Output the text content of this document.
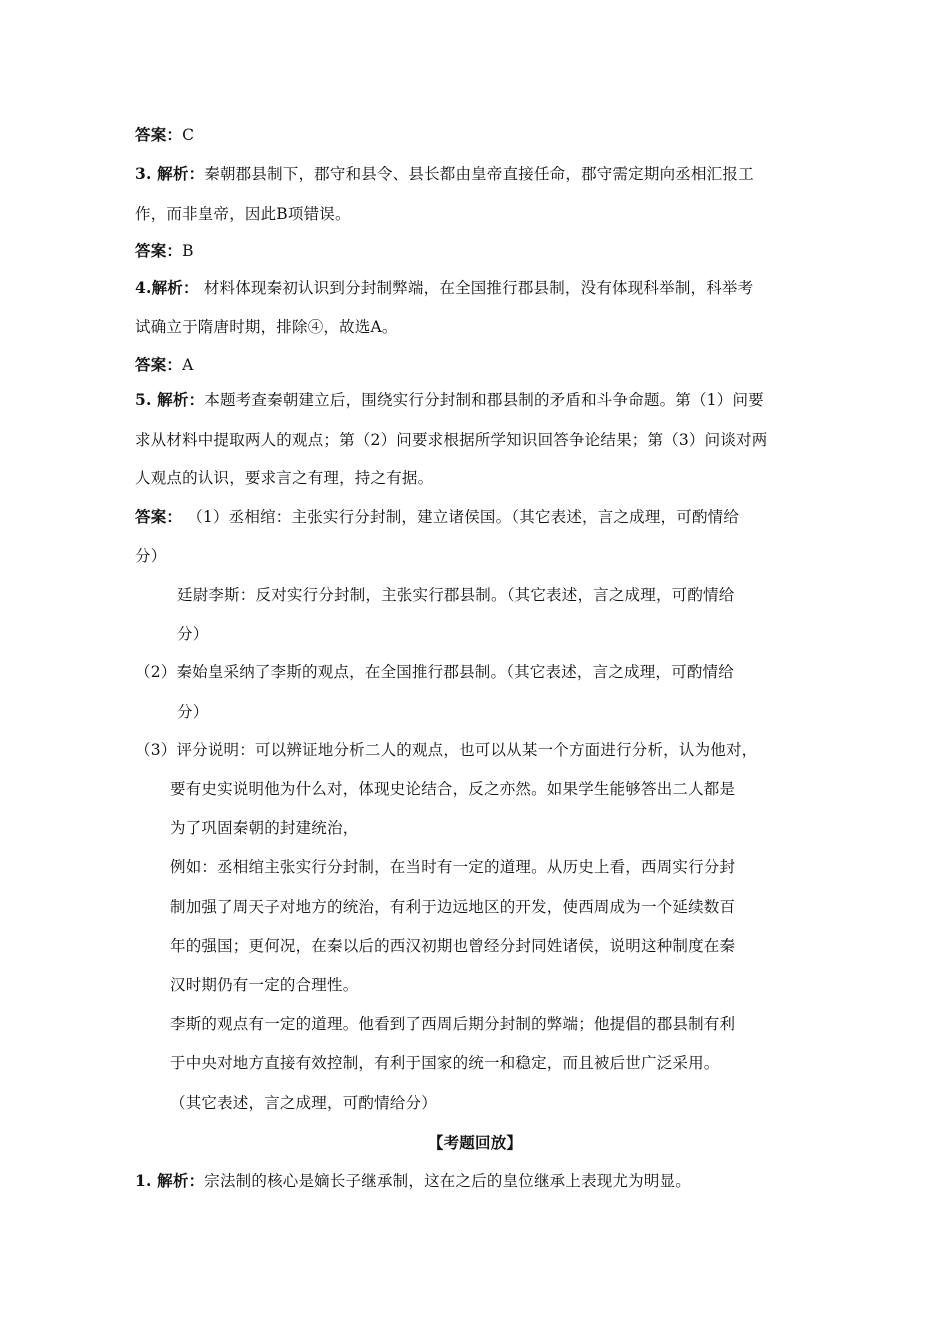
答案：C
3. 解析：秦朝郡县制下，郡守和县令、县长都由皇帝直接任命，郡守需定期向丞相汇报工
作，而非皇帝，因此B项错误。
答案：B
4.解析： 材料体现秦初认识到分封制弊端，在全国推行郡县制，没有体现科举制，科举考
试确立于隋唐时期，排除④，故选A。
答案：A
5. 解析：本题考查秦朝建立后，围绕实行分封制和郡县制的矛盾和斗争命题。第（1）问要
求从材料中提取两人的观点；第（2）问要求根据所学知识回答争论结果；第（3）问谈对两
人观点的认识，要求言之有理，持之有据。
答案： （1）丞相绾：主张实行分封制，建立诸侯国。（其它表述，言之成理，可酌情给
分）
廷尉李斯：反对实行分封制，主张实行郡县制。（其它表述，言之成理，可酌情给
分）
（2）秦始皇采纳了李斯的观点，在全国推行郡县制。（其它表述，言之成理，可酌情给
分）
（3）评分说明：可以辨证地分析二人的观点，也可以从某一个方面进行分析，认为他对，
要有史实说明他为什么对，体现史论结合，反之亦然。如果学生能够答出二人都是
为了巩固秦朝的封建统治，
例如：丞相绾主张实行分封制，在当时有一定的道理。从历史上看，西周实行分封
制加强了周天子对地方的统治，有利于边远地区的开发，使西周成为一个延续数百
年的强国；更何况，在秦以后的西汉初期也曾经分封同姓诸侯，说明这种制度在秦
汉时期仍有一定的合理性。
李斯的观点有一定的道理。他看到了西周后期分封制的弊端；他提倡的郡县制有利
于中央对地方直接有效控制，有利于国家的统一和稳定，而且被后世广泛采用。
（其它表述，言之成理，可酌情给分）
【考题回放】
1. 解析：宗法制的核心是嫡长子继承制，这在之后的皇位继承上表现尤为明显。
